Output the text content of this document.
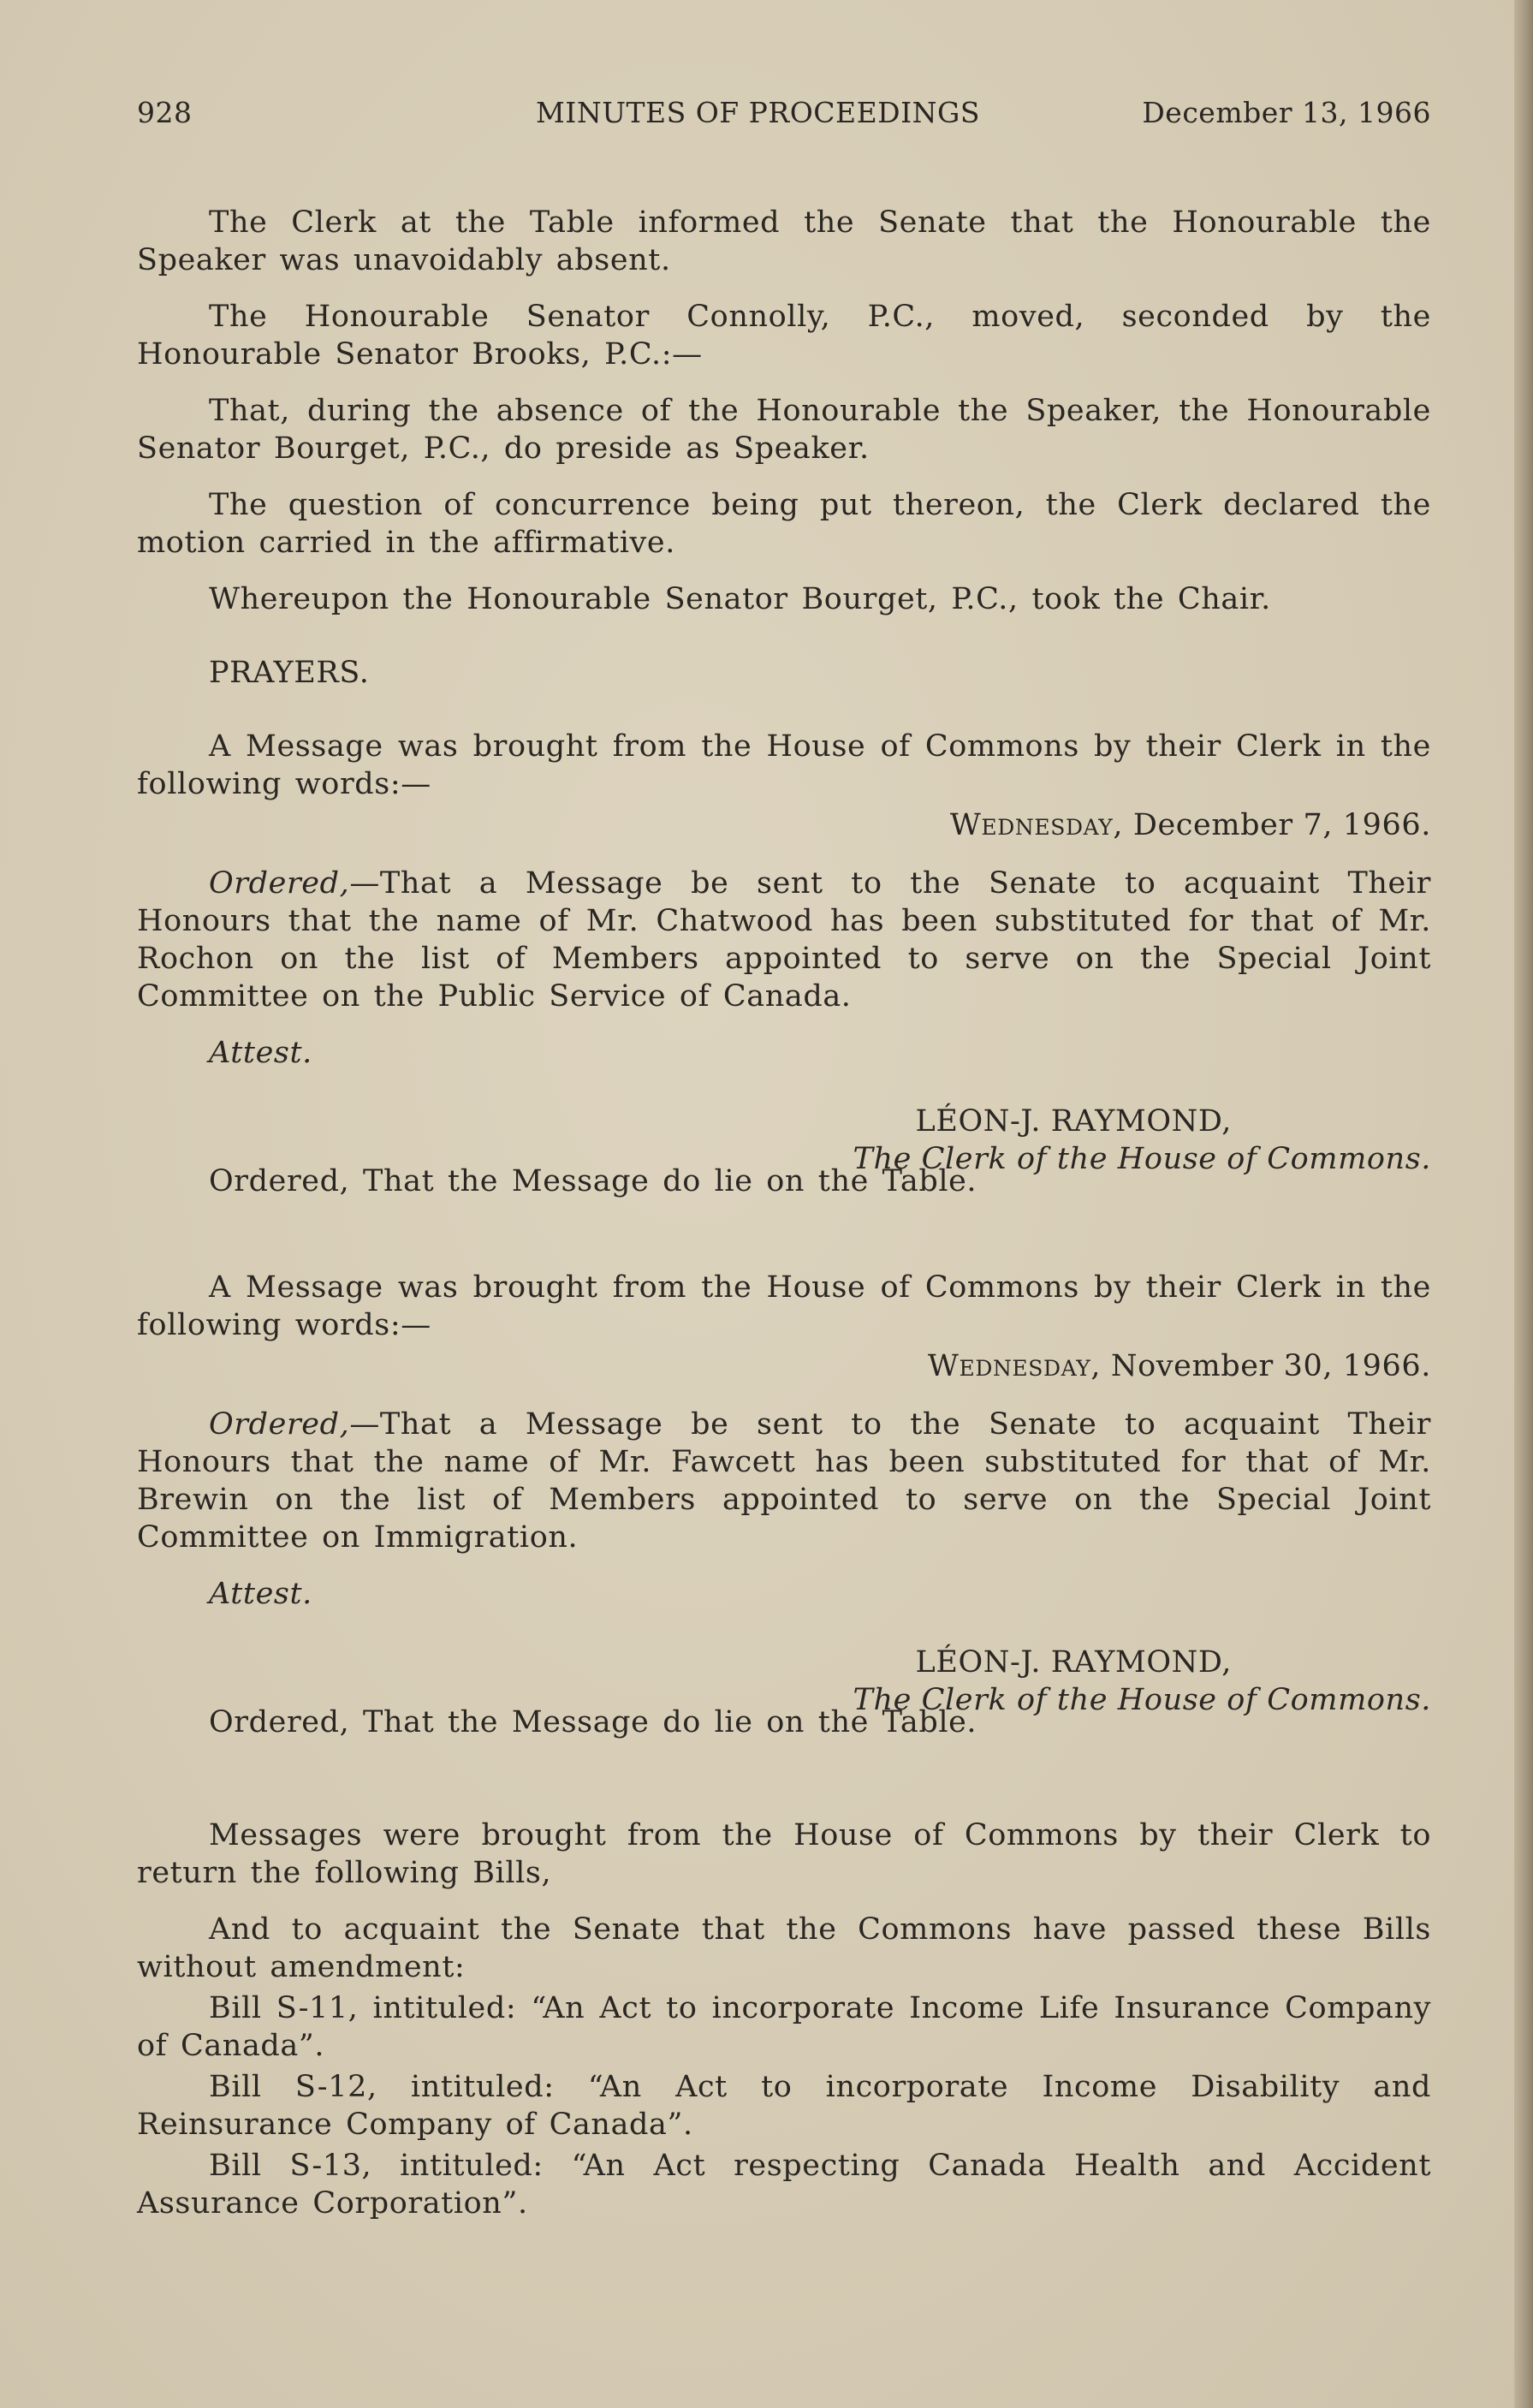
928	MINUTES OF PROCEEDINGS	December 13, 1966
The Clerk at the Table informed the Senate that the Honourable the Speaker was unavoidably absent.
The Honourable Senator Connolly, P.C., moved, seconded by the Honourable Senator Brooks, P.C.:—
That, during the absence of the Honourable the Speaker, the Honourable Senator Bourget, P.C., do preside as Speaker.
The question of concurrence being put thereon, the Clerk declared the motion carried in the affirmative.
Whereupon the Honourable Senator Bourget, P.C., took the Chair.
PRAYERS.
A Message was brought from the House of Commons by their Clerk in the following words:—
Wednesday, December 7, 1966.
Ordered,—That a Message be sent to the Senate to acquaint Their Honours that the name of Mr. Chatwood has been substituted for that of Mr. Rochon on the list of Members appointed to serve on the Special Joint Committee on the Public Service of Canada.
Attest.
LÉON-J. RAYMOND,
The Clerk of the House of Commons.
Ordered, That the Message do lie on the Table.
A Message was brought from the House of Commons by their Clerk in the following words:—
Wednesday, November 30, 1966.
Ordered,—That a Message be sent to the Senate to acquaint Their Honours that the name of Mr. Fawcett has been substituted for that of Mr. Brewin on the list of Members appointed to serve on the Special Joint Committee on Immigration.
Attest.
LÉON-J. RAYMOND,
The Clerk of the House of Commons.
Ordered, That the Message do lie on the Table.
Messages were brought from the House of Commons by their Clerk to return the following Bills,
And to acquaint the Senate that the Commons have passed these Bills without amendment:
Bill S-11, intituled: “An Act to incorporate Income Life Insurance Company of Canada”.
Bill S-12, intituled: “An Act to incorporate Income Disability and Reinsurance Company of Canada”.
Bill S-13, intituled: “An Act respecting Canada Health and Accident Assurance Corporation”.
